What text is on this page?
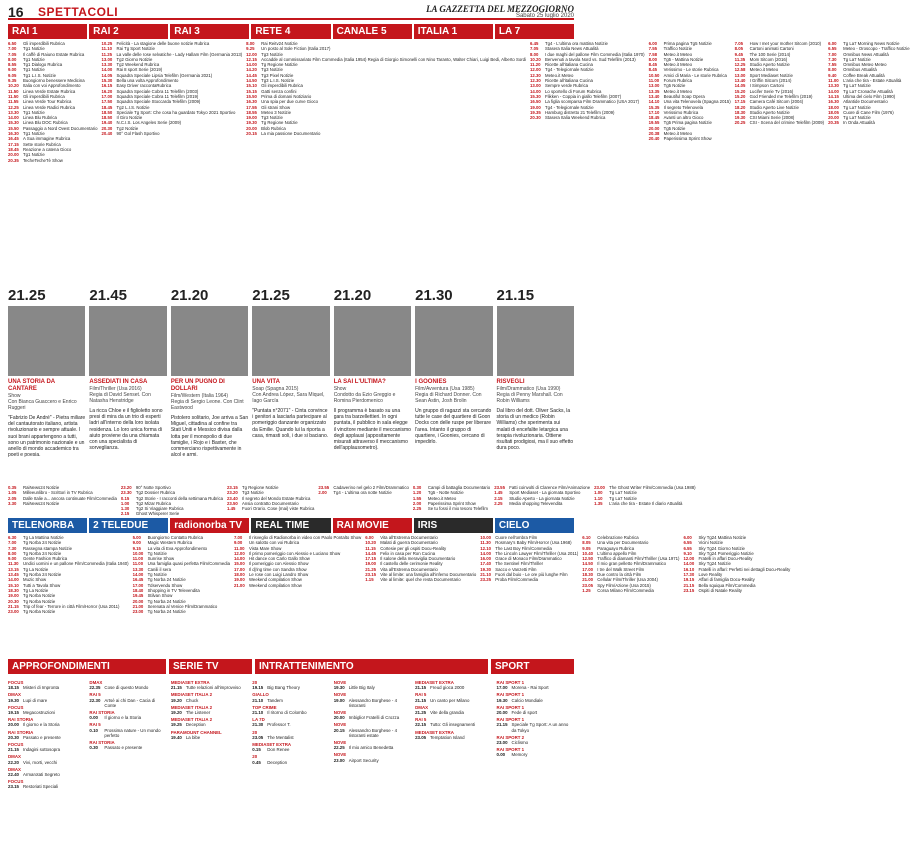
16 SPETTACOLI	LA GAZZETTA DEL MEZZOGIORNO
Sabato 25 luglio 2020
RAI 1	RAI 2	RAI 3	RETE 4	CANALE 5	ITALIA 1	LA 7
6.50	Gli imperdibili Rubrica
7.00	Tg1 Notizie
7.05	Il caffè di Raiuno Estate Rubrica
8.00	Tg1 Notizie
8.55	Tg1 Dialogo Rubrica
9.00	Tg1 Notizie
9.05	Tg1 L.I.S. Notizie
9.35	Buongiorno benessere Medicina
10.20 Italia con voi Approfondimento
11.50	Linea Verde Estate Rubrica
11.50	Gli imperdibili Rubrica
11.55	Linea Verde Tour Rubrica
12.25 Linea Verde Radici Rubrica
13.30 Tg1 Notizie
14.00 Linea Blu Rubrica
15.30 Linea Blu DOC Rubrica
15.50 Passaggio a Nord Ovest Documentario
16.30 Tg1 Notizie
16.45 A Sua immagine Rubrica
17.15 Sette storie Rubrica
18.45 Reazione a catena Gioco
20.00 Tg1 Notizie
20.35 TecheTecheTè Show
10.25 Felicità - La stagione delle buone notizie Rubrica
11.10	Rai Tg Sport Notizie
11.25	La valle delle rose selvatiche - Lady Hallam Film (Germania 2013)
13.00 Tg2 Giorno Notizie
13.30 Tg2 Weekend Rubrica
14.00 Rai 8 sport Serie (2019)
14.05 Squadra Speciale Lipsia Telefilm (Germania 2021)
15.30 Bella una volta Approfondimento
16.15 Easy Driver raccontaRubrica
16.20 Squadra Speciale Cobra 11 Telefilm (2003)
17.00 Squadra Speciale Cobra 11 Telefilm (2019)
17.50 Squadra Speciale Stoccarda Telefilm (2009)
18.45 Tg2 L.I.S. Notizie
18.50 Speciale Tg Sport: Che cosa ha guardato Tokyo 2021 Sportivo
18.50 Il Giro Notizie
19.40 N.C.I.S. Los Angeles Serie (2009)
20.30 Tg2 Notizie
20.40 90° Gol Flash Sportivo
8.00	Rai Reitv24 Notizie
9.25	Un posto al Sole Fiction (Italia 2017)
12.00 Tg3 Notizie
12.15 Accadde al commissariato Film Commedia (Italia 1954) Regia di Giorgio Simonelli con Nino Taranto, Walter Chiari, Luigi Bedi, Alberto Sordi
14.00 Tg Regione Notizie
14.20 Tg3 Notizie
14.45 Tg3 Pixel Notizie
14.50 Tg3 L.I.S. Notizie
15.10 Gli imperdibili Rubrica
15.15 Gatti senza confini
15.50 Prima di domani Notiziario
16.30 Una spia per due curve Gioco
17.55 Gli strani Show
18.55 Meteo 3 Notizie
19.00 Tg3 Notizie
19.30 Tg Regione Notizie
20.00 Blob Rubrica
20.15 La mia passione Documentario
6.45	Tg4 - L'ultima ora mattina Notizie
7.05	Stasera Italia News Attualità
8.00	I due maghi del pallone Film Commedia (Italia 1970)
10.20 Benvenuti a tavola Nord vs. Sud Telefilm (2013)
11.20	Ricette all'italiana Cucina
12.00 Tg4 - Telegiornale Notizie
12.30 Meteo.it Meteo
12.30 Ricette all'italiana Cucina
13.00 Sempre verde Rubrica
14.00 Lo sportello di Forum Rubrica
15.30 Flikken - Coppia in giallo Telefilm (2007)
16.50 La figlia scomparsa Film Drammatico (USA 2017)
19.00 Tg4 - Telegiornale Notizie
19.35 Hamburg distretto 21 Telefilm (2009)
20.30 Stasera Italia Weekend Rubrica
6.00	Prima pagina Tg5 Notizie
7.55	Traffico Notizie
7.58	Meteo.it Meteo
8.00	Tg5 - Mattina Notizie
8.45	Meteo.it Meteo
8.45	Verissimo - Le storie Rubrica
10.50 Amici di Maria - Le storie Rubrica
11.00	Forum Rubrica
13.00 Tg5 Notizie
13.35 Meteo.it Meteo
13.40 Beautiful Soap Opera
14.10 Una vita Telenovela (Spagna 2015)
15.35 Il segreto Telenovela
17.10 Verissimo Rubrica
18.45 Avanti un altro Gioco
19.55 Tg5 Prima pagina Notizie
20.00 Tg5 Notizie
20.38 Meteo.it Meteo
20.40 Paperissima Sprint Show
7.05	How I met your mother Sitcom (2010)
8.05	Cartoni animati Cartoni
9.45	The 100 Serie (2014)
11.35	Mom Sitcom (2016)
12.25 Studio Aperto Notizie
12.58 Meteo.it Meteo
13.00 Sport Mediaset Notizie
13.40 I Griffin Sitcom (2014)
14.05 I Simpson Cartoni
15.20 Lucifer Serie Tv (2016)
15.20 God Friended me Telefilm (2019)
17.15 Camera Café Sitcom (2004)
18.20 Studio Aperto Live Notizie
18.30 Studio Aperto Notizie
19.30 CSI Miami Serie (2008)
20.25 CSI - Scena del crimine Telefilm (2009)
6.00	Tg La7 Morning News Notizie
6.55	Meteo - Oroscopo - Traffico Notizie
7.00	Omnibus News Attualità
7.30	Tg La7 Notizie
7.55	Omnibus Meteo Meteo
8.00	Omnibus Attualità
9.40	Coffee Break Attualità
11.00	L'aria che tira - Estate Attualità
13.30 Tg La7 Notizie
14.00 Tg La7 Cronache Attualità
14.15 Ultima del cielo Film (1990)
16.30 Atlantide Documentario
18.00 Tg La7 Notizie
18.05 Cuore di Cane Film (1976)
20.00 Tg La7 Notizie
20.35 In Onda Attualità
21.25
UNA STORIA DA CANTARE
Show
Con Bianca Guaccero e Enrico Ruggeri
"Fabrizio De André" - Pietra miliare del cantautorato italiano, artista rivoluzionario e sempre attuale. I suoi brani appartengono a tutti, sono un patrimonio nazionale e un anello di mondo accademico tra poeti e poesia.
21.45
ASSEDIATI IN CASA
Film/Thriller (Usa 2016)
Regia di David Senset. Con Natasha Henstridge
La ricca Chloe e il figlioletto sono presi di mira da un trio di esperti ladri all'interno della loro isolata residenza. Lo loro unica forma di aiuto proviene da una chiamata con una specialista di sorveglianza.
21.20
PER UN PUGNO DI DOLLARI
Film/Western (Italia 1964)
Regia di Sergio Leone. Con Clint Eastwood
Pistolero solitario, Joe arriva a San Miguel, cittadina al confine tra Stati Uniti e Messico divisa dalla lotta per il monopolio di due famiglie, i Rojo e i Baxter, che commerciano rispettivamente in alcol e armi.
21.25
UNA VITA
Soap (Spagna 2015)
Con Andrea López, Sara Miquel, Iago García
"Puntata n°2071" - Cinta convince i genitori a lasciarla partecipare al pomeriggio danzante organizzato da Emilie. Quando lui la riporta a casa, rimasti soli, i due si baciano.
21.20
LA SAI L'ULTIMA?
Show
Condotto da Ezio Greggio e Romina Pierdomenico
Il programma è basato su una gara tra barzellettieri. In ogni puntata, il pubblico in sala elegge il vincitore mediante il meccanismo degli applausi (appositamente misurati attraverso il meccanismo dell'applausometro).
21.30
I GOONIES
Film/Avventura (Usa 1985)
Regia di Richard Donner. Con Sean Astin, Josh Brolin
Un gruppo di ragazzi sta cercando tutte le case del quartiere di Goon Docks con delle ruspe per liberare l'area. Intanto il gruppo di quartiere, i Goonies, cercano di impedirlo.
21.15
RISVEGLI
Film/Drammatico (Usa 1990)
Regia di Penny Marshall. Con Robin Williams
Dal libro del dott. Oliver Sacks, la storia di un medico (Robin Williams) che sperimenta sui malati di encefalite letargica una terapia rivoluzionaria. Ottiene risultati prodigiosi, ma il suo effetto dura poco.
0.35	RaiNews24 Notizie
1.05	Milleeunlibro - Scrittori in TV Rubrica
2.05	Dalle Italie a... ancora continuate Film/Commedia
3.30	RaiNews24 Notizie
23.20 90° Notte Sportivo
23.30 Tg2 Dossier Rubrica
0.15	Tg2 Storie - I racconti della settimana Rubrica
1.00	Tg2 Mizar Rubrica
1.30	Tg2 Si Viaggiare Rubrica
2.15	Ghost Whisperer Serie
23.15 Tg Regione Notizie
23.20 Tg3 Notizie
23.40 Il segreto del Mondo Estate Rubrica
23.50 Ansia contratto Documentario
1.45	Fuori Orario. Cose (mai) viste Rubrica
23.55 Cadaverino nel gelo 2 Film/Drammatico
2.00	Tg4 - L'ultima ora notte Notizie
0.30	Campi di battaglia Documentario
1.20	Tg5 - Notte Notizie
1.55	Meteo.it Meteo
2.00	Paperissima Sprint Show
2.25	Se tu fossi il mio tesoro Telefilm
23.55 Fatti coinvolti di Clarence Film/Animazione
1.45	Sport Mediaset - La giornata Sportivo
2.15	Studio Aperto - La giornata Notizie
2.25	Media shopping Televendita
23.00 The Ghost Writer Film/Commedia (Usa 1988)
1.00	Tg La7 Notizie
1.10	Tg La7 Notizie
1.35	L'aria che tira - Estate Il diario Attualità
TELENORBA	2 TELEDUE	radionorba TV	REAL TIME	RAI MOVIE	IRIS	CIELO
6.30	Tg La Mattina Notizie
7.00	Tg Norba 24 Notizie
7.30	Rassegna stampa Notizie
8.00	Tg Norba 24 Notizie
9.00	Gente Fashion Rubrica
11.30	Undici uomini e un pallone Film/Commedia (Italia 1940)
13.15 Tg La Notizie
13.45 Tg Norba 24 Notizie
14.00 Muzic Show
15.10 Tutti a Tavola Show
18.30 Tg La Notizie
19.00 Tg Norba Notizie
20.30 Tg Norba Notizie
21.15 Trip of fear - Terrore in città Film/Horror (Usa 2011)
23.00 Tg Norba Notizie
5.00	Buongiorno Contatto Rubrica
9.00	Magic Western Rubrica
9.15	La vita di Eva Approfondimento
10.00 Tg Notizie
11.00	Sunrise Show
11.00	Una famiglia quasi perfetta Film/Commedia
13.30 Canili il sera
14.00 Tg Notizie
16.45 Tg Norba 24 Notizie
17.00 Tdservendu Show
18.40 Shopping in TV Televendita
19.45 Stilvan Show
20.00 Tg Norba 24 Notizie
21.00 Serenata al Venice Film/Drammatico
23.00 Tg Norba 24 Notizie
7.00	Il risveglio di Radionorba in video con Paolo Pontalto Show
9.00	Un salotto con voi Rubrica
11.00	Vista Mare Show
12.00 Il primo pomeriggio con Alessio e Luciano Show
14.00 Hit dance con Carlo Gallo Show
15.00 Il pomeriggio con Alessio Show
17.00 Il dj'ing time con Sandra Show
18.00 Le rose con Luigi Landro Show
19.00 Weekend compilation Show
21.00 Weekend compilation Show
6.00	Vita all'Estrema Documentario
10.20 Malati di guerra Documentario
11.15	Cortesie per gli ospiti Docu-Reality
14.45 Felix in casa per Ron Cucina
17.15 Il salone della meraviglia Documentario
19.00 Il castello delle cerimonie Reality
21.25 Vita all'Estrema Documentario
23.15 Vite al limite: una famiglia all'inferno Documentario
1.15	Vite al limite: quel che resta Documentario
10.00 Cuore nell'ombra Film
11.30	Rosmary's Baby Film/Horror (Usa 1968)
12.10 The Last Boy Film/Commedia
14.00 The Lincoln Lawyer Film/Thriller (Usa 2011)
16.00 Grace di Monaco Film/Drammatico
17.40 The Sentinel Film/Thriller
19.30 Sacco e Vanzetti Film
21.10 Fuori dal buio - Le ore più lunghe Film
23.25 Proba Film/Commedia
6.10	Celebrazione Rubrica
8.05	Una vita per Documentario
9.05	Paraguayo Rubrica
10.40 L'ultimo appello Film
12.50 Traffico di diamanti Film/Thriller (Usa 1971)
14.50 Il mio gran pelletto Film/Drammatico
17.00 I tre del Walk Street Film
18.30 Due contro la città Film
21.00 Cellular Film/Thriller (Usa 2004)
23.05 Spy Film/Azione (Usa 2015)
1.25	Corsa Milano Film/Commedia
6.00	Sky Tg24 Mattina Notizie
6.55	Vicini Notizie
6.55	Sky Tg24 Giorno Notizie
9.10	Sky Tg24 Pomeriggio Notizie
12.00 Fratelli in affari Docu-Reality
14.00 Sky Tg24 Notizie
16.10 Fratelli in affari: Perfetti nei dettagli Docu-Reality
17.30 Love Reality
19.15 Affari di famiglia Docu-Reality
21.15 Bella squiqua Film/Commedia
23.15 Ospiti di Natale Reality
APPROFONDIMENTI	SERIE TV	INTRATTENIMENTO	SPORT
FOCUS
18.15 Misteri di Impronta
DMAX
19.30 Lupi di mare
FOCUS
19.15 Megacostruzioni
RAI STORIA
20.00 Il giorno e la Storia
RAI STORIA
20.30 Passato e presente
FOCUS
21.15 Indagini sottosopra
DMAX
22.20 Vivi, morti, vecchi
DMAX
22.40 Armarotati Segreto
FOCUS
23.15 Restoriati Speciali
DMAX
22.35 Cose di questo Mondo
RAI 5
22.30 Artsè ai chi Dan - Cacia di Conte
RAI STORIA
0.00	Il giorno e la Storia
RAI 5
0.10	Prossima nature - Un mondo perfetto
RAI STORIA
0.30	Passato e presente
MEDIASET EXTRA
21.15 Tutte relazioni all'improvviso
MEDIASET ITALIA 2
19.20 Chuck
MEDIASET ITALIA 2
19.20 The Listener
MEDIASET ITALIA 2
19.25 Deception
PARAMOUNT CHANNEL
19.40 La bibe
20
19.15 Big Bang Theory
GIALLO
21.10 Tandem
TOP CRIME
21.10 Il ritorno di Colombo
LA 7D
21.30 Professor T.
20
23.05 The Mentalist
MEDIASET EXTRA
0.15	Don Renee
20
0.45	Deception
NOVE
19.30 Little Big Italy
NOVE
19.00 Alessandro Borghese - 4 ristoranti
NOVE
20.00 Imbiglio! Fratelli di Crozza
NOVE
20.15 Alessandro Borghese - 4 ristoranti estate
NOVE
22.25 Il mio amico Benedetta
NOVE
23.00 Airport Security
MEDIASET EXTRA
21.15 Freud gioca 2000
RAI 5
21.15 Un canto per Milano
DMAX
21.25 Vite della grandia
RAI 5
22.15 Tutto: Gli insegnamenti
MEDIASET EXTRA
23.05 Temptation Island
RAI SPORT 1
17.00 Morena - Rai Sport
RAI SPORT 1
19.30 Calcio Mondiale
RAI SPORT 1
20.00 Fede di sport
RAI SPORT 1
21.15 Speciale Tg Sport: A un anno da Tokyo
RAI SPORT 2
23.00 Ciclismo
RAI SPORT 1
0.00	Memory
